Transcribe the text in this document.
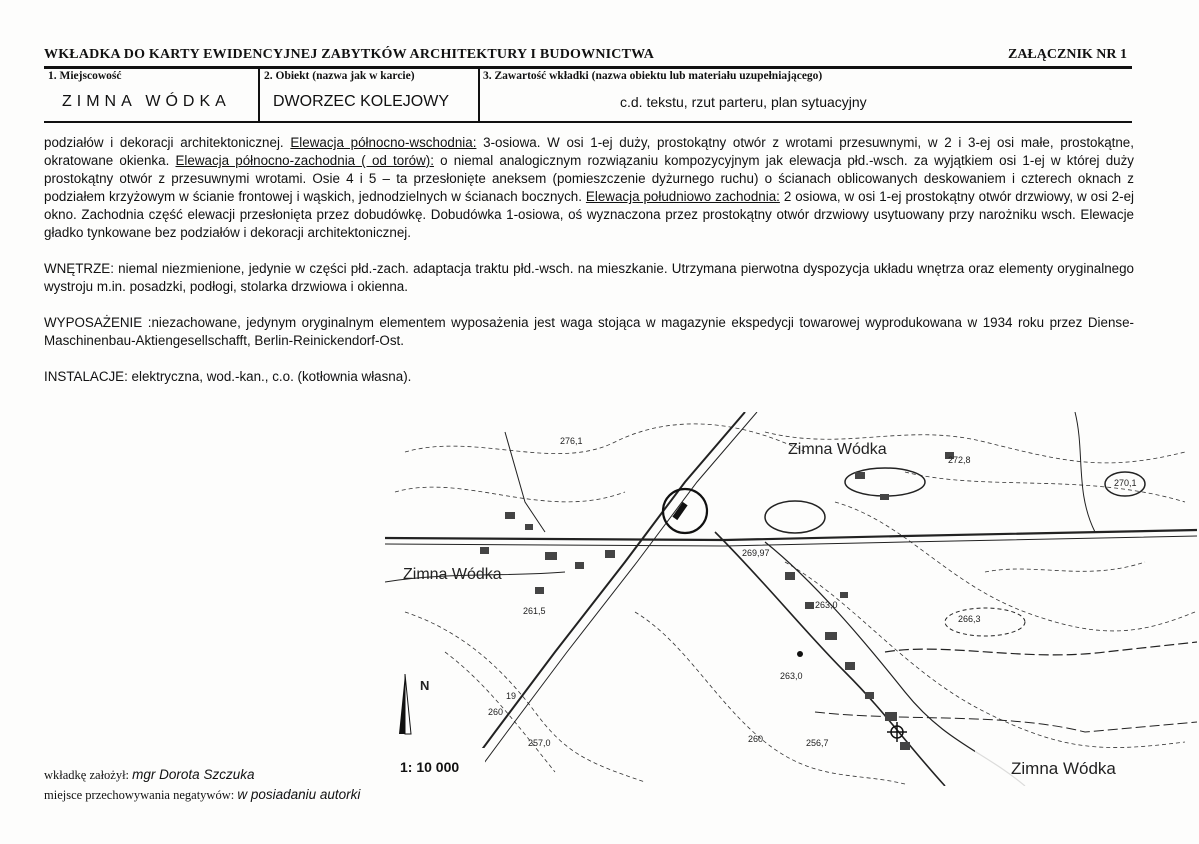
WKŁADKA DO KARTY EWIDENCYJNEJ ZABYTKÓW ARCHITEKTURY I BUDOWNICTWA	ZAŁĄCZNIK NR 1
1. Miejscowość
ZIMNA WÓDKA
2. Obiekt (nazwa jak w karcie)
DWORZEC KOLEJOWY
3. Zawartość wkładki (nazwa obiektu lub materiału uzupełniającego)
c.d. tekstu, rzut parteru, plan sytuacyjny

podziałów i dekoracji architektonicznej. Elewacja północno-wschodnia: 3-osiowa. W osi 1-ej duży, prostokątny otwór z wrotami przesuwnymi, w 2 i 3-ej osi małe, prostokątne, okratowane okienka. Elewacja północno-zachodnia ( od torów): o niemal analogicznym rozwiązaniu kompozycyjnym jak elewacja płd.-wsch. za wyjątkiem osi 1-ej w której duży prostokątny otwór z przesuwnymi wrotami. Osie 4 i 5 – ta przesłonięte aneksem (pomieszczenie dyżurnego ruchu) o ścianach oblicowanych deskowaniem i czterech oknach z podziałem krzyżowym w ścianie frontowej i wąskich, jednodzielnych w ścianach bocznych. Elewacja południowo zachodnia: 2 osiowa, w osi 1-ej prostokątny otwór drzwiowy, w osi 2-ej okno. Zachodnia część elewacji przesłonięta przez dobudówkę. Dobudówka 1-osiowa, oś wyznaczona przez prostokątny otwór drzwiowy usytuowany przy narożniku wsch. Elewacje gładko tynkowane bez podziałów i dekoracji architektonicznej.

WNĘTRZE: niemal niezmienione, jedynie w części płd.-zach. adaptacja traktu płd.-wsch. na mieszkanie. Utrzymana pierwotna dyspozycja układu wnętrza oraz elementy oryginalnego wystroju m.in. posadzki, podłogi, stolarka drzwiowa i okienna.

WYPOSAŻENIE :niezachowane, jedynym oryginalnym elementem wyposażenia jest waga stojąca w magazynie ekspedycji towarowej wyprodukowana w 1934 roku przez Diense-Maschinenbau-Aktiengesellschafft, Berlin-Reinickendorf-Ost.

INSTALACJE: elektryczna, wod.-kan., c.o. (kotłownia własna).

Zimna Wódka
Zimna Wódka
Zimna Wódka
N
276,1
272,8
270,1
269,97
261,5
263,0
266,3
263,0
260	256,7
257,0
260
19
1: 10 000
wkładkę założył: mgr Dorota Szczuka
miejsce przechowywania negatywów: w posiadaniu autorki
